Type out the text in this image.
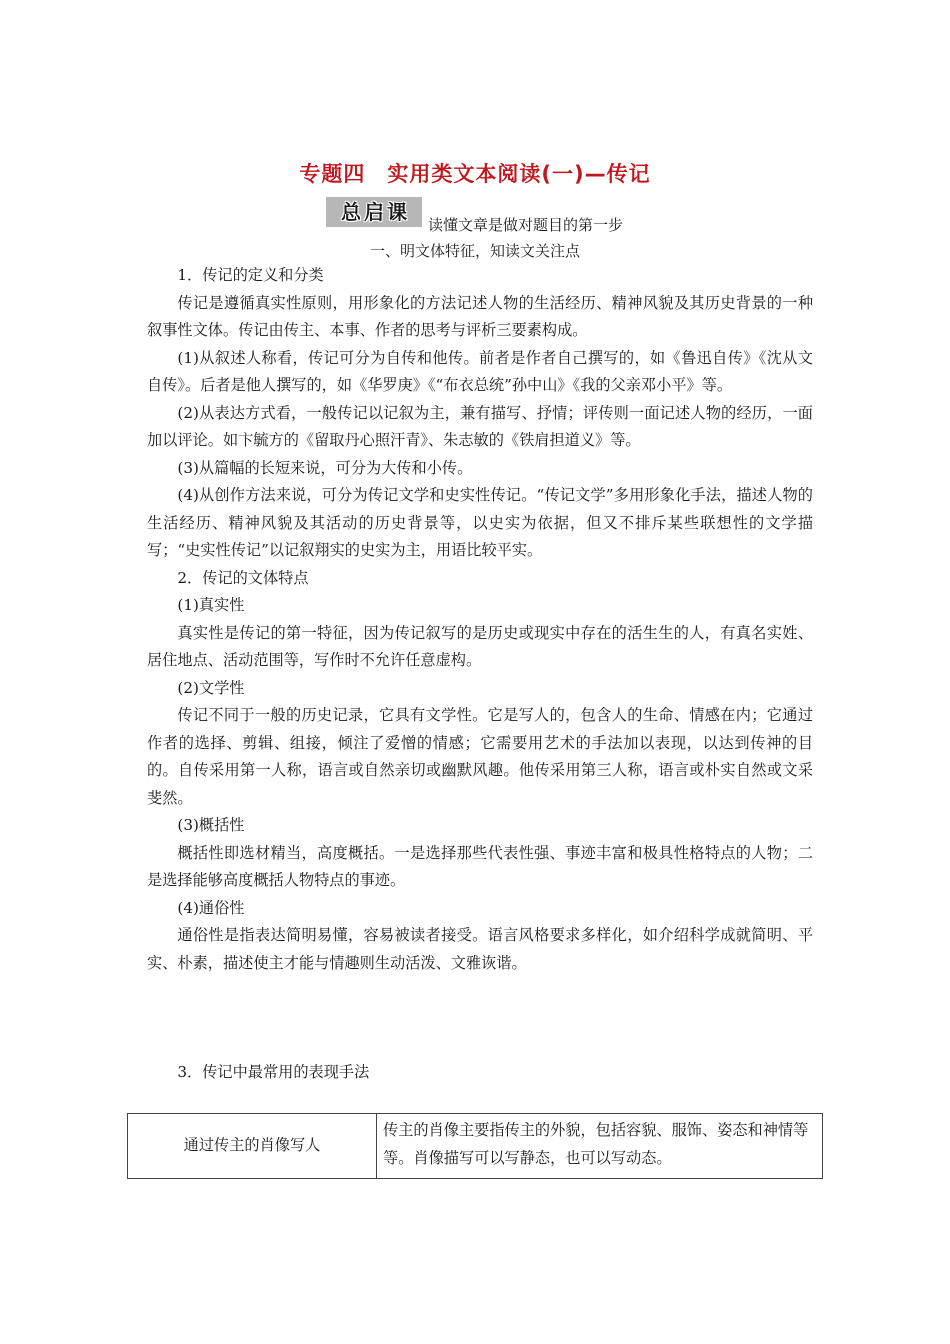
专题四　实用类文本阅读(一)—传记
总 启 课
读懂文章是做对题目的第一步
一、明文体特征，知读文关注点

1．传记的定义和分类

传记是遵循真实性原则，用形象化的方法记述人物的生活经历、精神风貌及其历史背景的一种叙事性文体。传记由传主、本事、作者的思考与评析三要素构成。

(1)从叙述人称看，传记可分为自传和他传。前者是作者自己撰写的，如《鲁迅自传》《沈从文自传》。后者是他人撰写的，如《华罗庚》《“布衣总统”孙中山》《我的父亲邓小平》等。

(2)从表达方式看，一般传记以记叙为主，兼有描写、抒情；评传则一面记述人物的经历，一面加以评论。如卞毓方的《留取丹心照汗青》、朱志敏的《铁肩担道义》等。

(3)从篇幅的长短来说，可分为大传和小传。

(4)从创作方法来说，可分为传记文学和史实性传记。“传记文学”多用形象化手法，描述人物的生活经历、精神风貌及其活动的历史背景等，以史实为依据，但又不排斥某些联想性的文学描写；“史实性传记”以记叙翔实的史实为主，用语比较平实。

2．传记的文体特点

(1)真实性

真实性是传记的第一特征，因为传记叙写的是历史或现实中存在的活生生的人，有真名实姓、居住地点、活动范围等，写作时不允许任意虚构。

(2)文学性

传记不同于一般的历史记录，它具有文学性。它是写人的，包含人的生命、情感在内；它通过作者的选择、剪辑、组接，倾注了爱憎的情感；它需要用艺术的手法加以表现，以达到传神的目的。自传采用第一人称，语言或自然亲切或幽默风趣。他传采用第三人称，语言或朴实自然或文采斐然。

(3)概括性

概括性即选材精当，高度概括。一是选择那些代表性强、事迹丰富和极具性格特点的人物；二是选择能够高度概括人物特点的事迹。

(4)通俗性

通俗性是指表达简明易懂，容易被读者接受。语言风格要求多样化，如介绍科学成就简明、平实、朴素，描述使主才能与情趣则生动活泼、文雅诙谐。

3．传记中最常用的表现手法

通过传主的肖像写人	传主的肖像主要指传主的外貌，包括容貌、服饰、姿态和神情等等。肖像描写可以写静态，也可以写动态。
